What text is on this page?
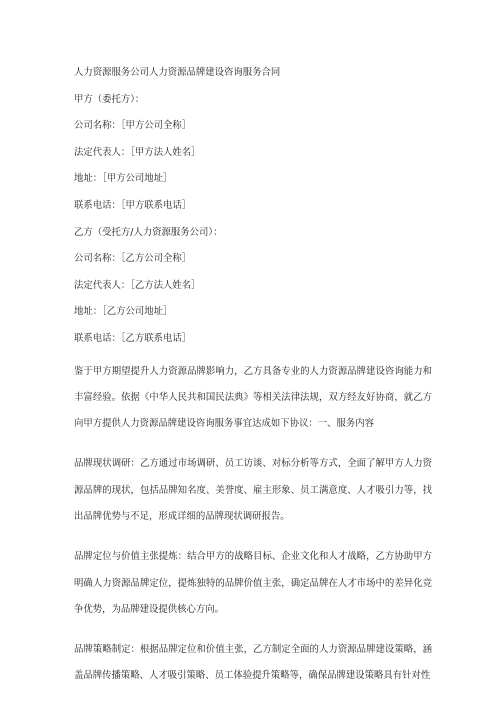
人力资源服务公司人力资源品牌建设咨询服务合同
甲方（委托方）：
公司名称：［甲方公司全称］
法定代表人：［甲方法人姓名］
地址：［甲方公司地址］
联系电话：［甲方联系电话］
乙方（受托方/人力资源服务公司）：
公司名称：［乙方公司全称］
法定代表人：［乙方法人姓名］
地址：［乙方公司地址］
联系电话：［乙方联系电话］
鉴于甲方期望提升人力资源品牌影响力，乙方具备专业的人力资源品牌建设咨询能力和丰富经验。依据《中华人民共和国民法典》等相关法律法规，双方经友好协商，就乙方向甲方提供人力资源品牌建设咨询服务事宜达成如下协议：一、服务内容
品牌现状调研：乙方通过市场调研、员工访谈、对标分析等方式，全面了解甲方人力资源品牌的现状，包括品牌知名度、美誉度、雇主形象、员工满意度、人才吸引力等，找出品牌优势与不足，形成详细的品牌现状调研报告。
品牌定位与价值主张提炼：结合甲方的战略目标、企业文化和人才战略，乙方协助甲方明确人力资源品牌定位，提炼独特的品牌价值主张，确定品牌在人才市场中的差异化竞争优势，为品牌建设提供核心方向。
品牌策略制定：根据品牌定位和价值主张，乙方制定全面的人力资源品牌建设策略，涵盖品牌传播策略、人才吸引策略、员工体验提升策略等，确保品牌建设策略具有针对性
